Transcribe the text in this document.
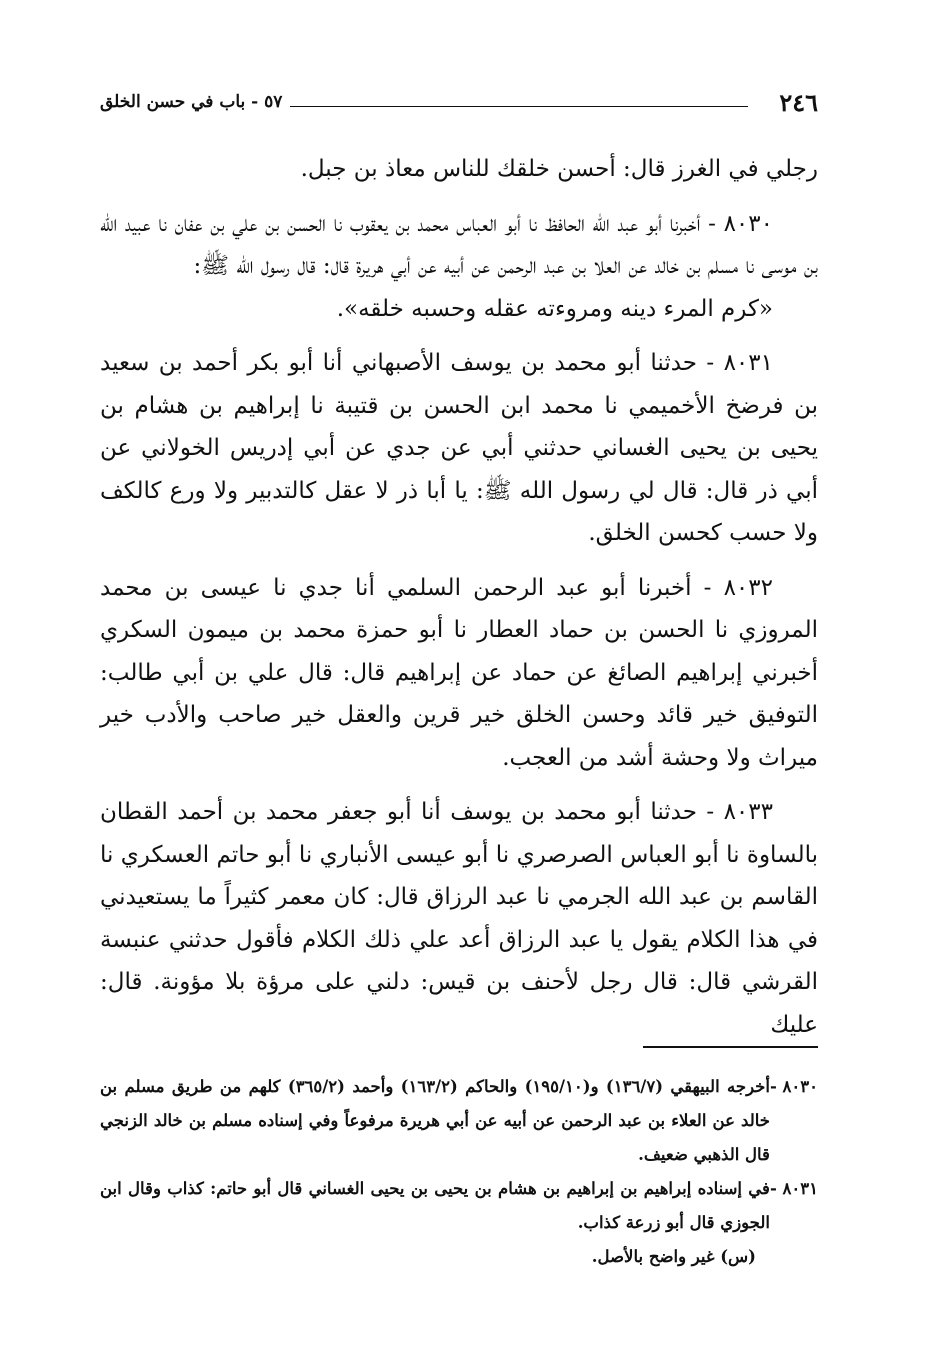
٢٤٦
٥٧ - باب في حسن الخلق

رجلي في الغرز قال: أحسن خلقك للناس معاذ بن جبل.

٨٠٣٠ - أخبرنا أبو عبد الله الحافظ نا أبو العباس محمد بن يعقوب نا الحسن بن علي بن عفان نا عبيد الله بن موسى نا مسلم بن خالد عن العلا بن عبد الرحمن عن أبيه عن أبي هريرة قال: قال رسول الله ﷺ:

«كرم المرء دينه ومروءته عقله وحسبه خلقه».

٨٠٣١ - حدثنا أبو محمد بن يوسف الأصبهاني أنا أبو بكر أحمد بن سعيد بن فرضخ الأخميمي نا محمد ابن الحسن بن قتيبة نا إبراهيم بن هشام بن يحيى بن يحيى الغساني حدثني أبي عن جدي عن أبي إدريس الخولاني عن أبي ذر قال: قال لي رسول الله ﷺ: يا أبا ذر لا عقل كالتدبير ولا ورع كالكف ولا حسب كحسن الخلق.

٨٠٣٢ - أخبرنا أبو عبد الرحمن السلمي أنا جدي نا عيسى بن محمد المروزي نا الحسن بن حماد العطار نا أبو حمزة محمد بن ميمون السكري أخبرني إبراهيم الصائغ عن حماد عن إبراهيم قال: قال علي بن أبي طالب: التوفيق خير قائد وحسن الخلق خير قرين والعقل خير صاحب والأدب خير ميراث ولا وحشة أشد من العجب.

٨٠٣٣ - حدثنا أبو محمد بن يوسف أنا أبو جعفر محمد بن أحمد القطان بالساوة نا أبو العباس الصرصري نا أبو عيسى الأنباري نا أبو حاتم العسكري نا القاسم بن عبد الله الجرمي نا عبد الرزاق قال: كان معمر كثيراً ما يستعيدني في هذا الكلام يقول يا عبد الرزاق أعد علي ذلك الكلام فأقول حدثني عنبسة القرشي قال: قال رجل لأحنف بن قيس: دلني على مرؤة بلا مؤونة. قال: عليك

٨٠٣٠ -
أخرجه البيهقي (١٣٦/٧) و(١٩٥/١٠) والحاكم (١٦٣/٢) وأحمد (٣٦٥/٢) كلهم من طريق مسلم بن خالد عن العلاء بن عبد الرحمن عن أبيه عن أبي هريرة مرفوعاً وفي إسناده مسلم بن خالد الزنجي قال الذهبي ضعيف.
٨٠٣١ -
في إسناده إبراهيم بن إبراهيم بن هشام بن يحيى بن يحيى الغساني قال أبو حاتم: كذاب وقال ابن الجوزي قال أبو زرعة كذاب.

(س) غير واضح بالأصل.
